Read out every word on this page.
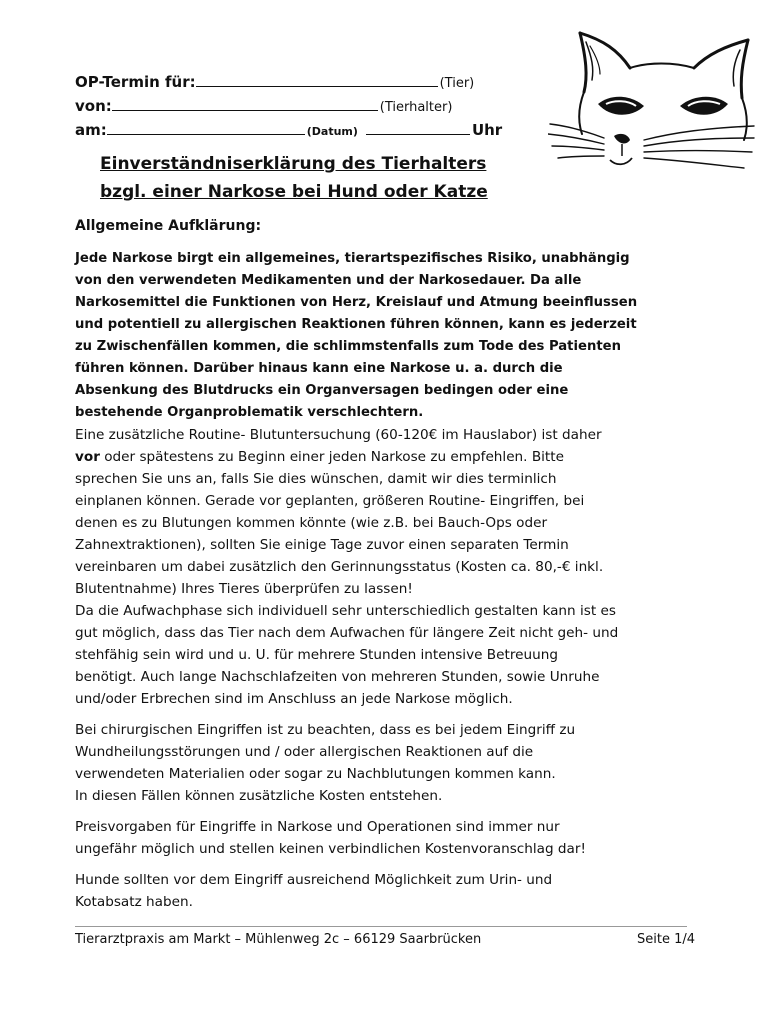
OP-Termin für:	(Tier)
von:	(Tierhalter)
am:	(Datum)	Uhr
Einverständniserklärung des Tierhalters
bzgl. einer Narkose bei Hund oder Katze
Allgemeine Aufklärung:

Jede Narkose birgt ein allgemeines, tierartspezifisches Risiko, unabhängig

von den verwendeten Medikamenten und der Narkosedauer. Da alle

Narkosemittel die Funktionen von Herz, Kreislauf und Atmung beeinflussen

und potentiell zu allergischen Reaktionen führen können, kann es jederzeit

zu Zwischenfällen kommen, die schlimmstenfalls zum Tode des Patienten

führen können. Darüber hinaus kann eine Narkose u. a. durch die

Absenkung des Blutdrucks ein Organversagen bedingen oder eine

bestehende Organproblematik verschlechtern.

Eine zusätzliche Routine- Blutuntersuchung (60-120€ im Hauslabor) ist daher

vor oder spätestens zu Beginn einer jeden Narkose zu empfehlen. Bitte

sprechen Sie uns an, falls Sie dies wünschen, damit wir dies terminlich

einplanen können. Gerade vor geplanten, größeren Routine- Eingriffen, bei

denen es zu Blutungen kommen könnte (wie z.B. bei Bauch-Ops oder

Zahnextraktionen), sollten Sie einige Tage zuvor einen separaten Termin

vereinbaren um dabei zusätzlich den Gerinnungsstatus (Kosten ca. 80,-€ inkl.

Blutentnahme) Ihres Tieres überprüfen zu lassen!

Da die Aufwachphase sich individuell sehr unterschiedlich gestalten kann ist es

gut möglich, dass das Tier nach dem Aufwachen für längere Zeit nicht geh- und

stehfähig sein wird und u. U. für mehrere Stunden intensive Betreuung

benötigt. Auch lange Nachschlafzeiten von mehreren Stunden, sowie Unruhe

und/oder Erbrechen sind im Anschluss an jede Narkose möglich.

Bei chirurgischen Eingriffen ist zu beachten, dass es bei jedem Eingriff zu

Wundheilungsstörungen und / oder allergischen Reaktionen auf die

verwendeten Materialien oder sogar zu Nachblutungen kommen kann.

In diesen Fällen können zusätzliche Kosten entstehen.

Preisvorgaben für Eingriffe in Narkose und Operationen sind immer nur

ungefähr möglich und stellen keinen verbindlichen Kostenvoranschlag dar!

Hunde sollten vor dem Eingriff ausreichend Möglichkeit zum Urin- und

Kotabsatz haben.

Tierarztpraxis am Markt – Mühlenweg 2c – 66129 Saarbrücken	Seite 1/4
